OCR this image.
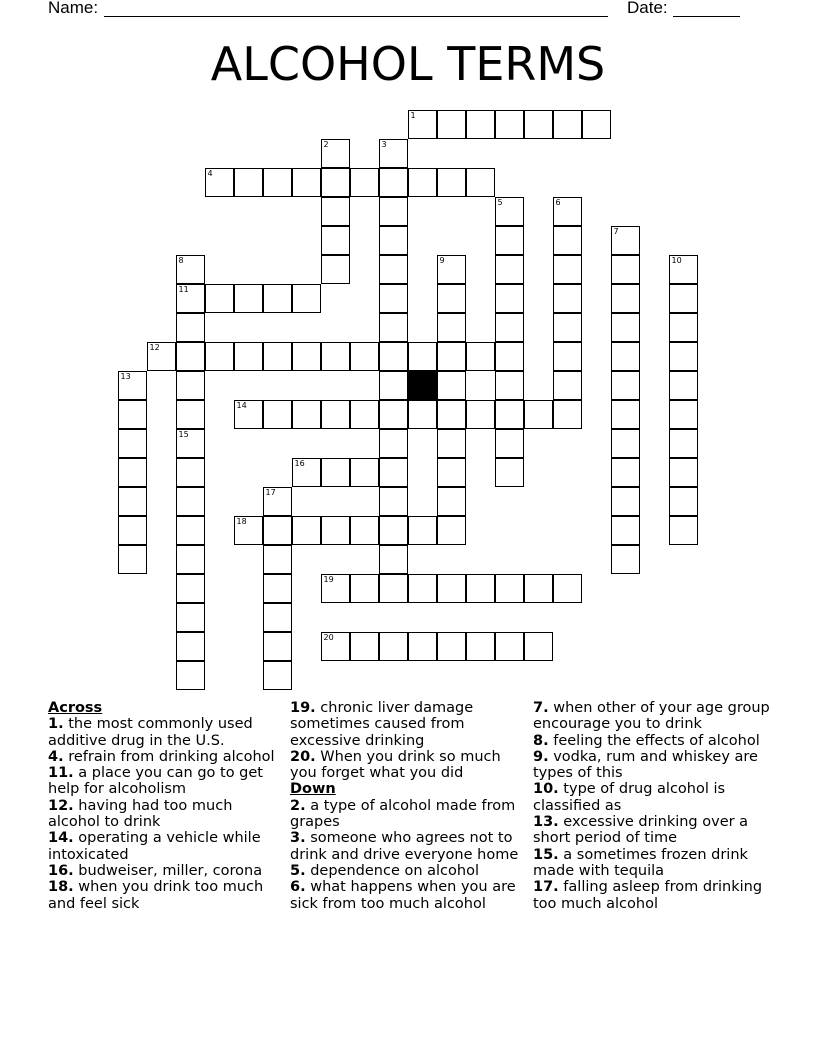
Name:	Date:
ALCOHOL TERMS
1
2	3
4
5	6
7
8
11
9	10
12
13
14
15
16
17
18
19
20
Across
1. the most commonly used additive drug in the U.S.
4. refrain from drinking alcohol
11. a place you can go to get help for alcoholism
12. having had too much alcohol to drink
14. operating a vehicle while intoxicated
16. budweiser, miller, corona
18. when you drink too much and feel sick
19. chronic liver damage sometimes caused from excessive drinking
20. When you drink so much you forget what you did
Down
2. a type of alcohol made from grapes
3. someone who agrees not to drink and drive everyone home
5. dependence on alcohol
6. what happens when you are sick from too much alcohol
7. when other of your age group encourage you to drink
8. feeling the effects of alcohol
9. vodka, rum and whiskey are types of this
10. type of drug alcohol is classified as
13. excessive drinking over a short period of time
15. a sometimes frozen drink made with tequila
17. falling asleep from drinking too much alcohol
